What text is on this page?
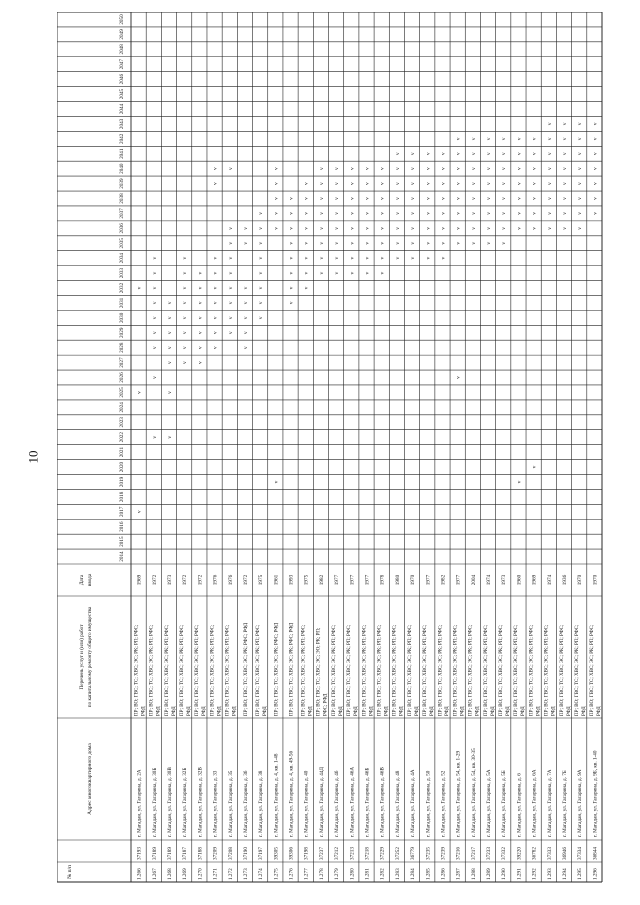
10
№ п/п
Адрес многоквартирного дома
Перечень услуг и (или) работ по капитальному ремонту общего имущества
Дата ввода
2014
2015
2016
2017
2018
2019
2020
2021
2022
2023
2024
2025
2026
2027
2028
2029
2030
2031
2032
2033
2034
2035
2036
2037
2038
2039
2040
2041
2042
2043
2044
2045
2046
2047
2048
2049
2050
1.266
37193
г. Магадан, ул. Гагарина, д. 2А
ПР; ВО; ГВС; ТС; ХВС; ЭС; РК; РП; РФС; РФД
1969
v
v
v
1.267
37189
г. Магадан, ул. Гагарина, д. 30Б
ПР; ВО; ГВС; ТС; ХВС; ЭС; РК; РП; РФС; РФД
1972
v
v
v
v
v
v
v
v
v
1.268
37189
г. Магадан, ул. Гагарина, д. 30В
ПР; ВО; ГВС; ТС; ХВС; ЭС; РК; РП; РФС; РФД
1973
v
v
v
v
v
v
v
1.269
37187
г. Магадан, ул. Гагарина, д. 32Б
ПР; ВО; ГВС; ТС; ХВС; ЭС; РК; РП; РФС; РФД
1972
v
v
v
v
v
v
v
v
1.270
37188
г. Магадан, ул. Гагарина, д. 32В
ПР; ВО; ГВС; ТС; ХВС; ЭС; РК; РП; РФС; РФД
1972
v
v
v
v
v
v
v
1.271
37209
г. Магадан, ул. Гагарина, д. 33
ПР; ВО; ГВС; ТС; ХВС; ЭС; РК; РП; РФС; РФД
1976
v
v
v
v
v
v
v
v
v
1.272
37208
г. Магадан, ул. Гагарина, д. 35
ПР; ВО; ГВС; ТС; ХВС; ЭС; РК; РП; РФС; РФД
1976
v
v
v
v
v
v
v
v
v
1.273
37190
г. Магадан, ул. Гагарина, д. 36
ПР; ВО; ГВС; ТС; ХВС; ЭС; РК; РФС; РФД
1972
v
v
v
v
v
v
v
1.274
37197
г. Магадан, ул. Гагарина, д. 38
ПР; ВО; ГВС; ТС; ХВС; ЭС; РК; РП; РФС; РФД
1975
v
v
v
v
v
v
v
v
1.275
39305
г. Магадан, ул. Гагарина, д. 4, кв. 1-48
ПР; ВО; ГВС; ТС; ХВС; ЭС; РК; РФС; РФД
1961
v
v
v
v
v
v
1.276
39306
г. Магадан, ул. Гагарина, д. 4, кв. 49-56
ПР; ВО; ГВС; ТС; ХВС; ЭС; РК; РФС; РФД
1993
v
v
v
v
v
v
v
v
1.277
37198
г. Магадан, ул. Гагарина, д. 40
ПР; ВО; ГВС; ТС; ХВС; ЭС; РК; РП; РФС; РФД
1975
v
v
v
v
v
v
v
v
1.278
37237
г. Магадан, ул. Гагарина, д. 44Д
ПР; ВО; ГВС; ТС; ХВС; ЭС; ЭО; РК; РП; РФС; РФД
1982
v
v
v
v
v
v
v
v
1.279
37212
г. Магадан, ул. Гагарина, д. 46
ПР; ВО; ГВС; ТС; ХВС; ЭС; РК; РП; РФС; РФД
1977
v
v
v
v
v
v
v
v
1.280
37213
г. Магадан, ул. Гагарина, д. 46А
ПР; ВО; ГВС; ТС; ХВС; ЭС; РК; РП; РФС; РФД
1977
v
v
v
v
v
v
v
v
1.281
37218
г. Магадан, ул. Гагарина, д. 46Б
ПР; ВО; ГВС; ТС; ХВС; ЭС; РК; РП; РФС; РФД
1977
v
v
v
v
v
v
v
v
1.282
37229
г. Магадан, ул. Гагарина, д. 46В
ПР; ВО; ГВС; ТС; ХВС; ЭС; РК; РП; РФС; РФД
1978
v
v
v
v
v
v
v
v
1.283
37252
г. Магадан, ул. Гагарина, д. 48
ПР; ВО; ГВС; ТС; ХВС; ЭС; РК; РП; РФС; РФД
1980
v
v
v
v
v
v
v
v
1.284
36779
г. Магадан, ул. Гагарина, д. 4А
ПР; ВО; ГВС; ТС; ХВС; ЭС; РК; РП; РФС; РФД
1970
v
v
v
v
v
v
v
v
1.285
37235
г. Магадан, ул. Гагарина, д. 50
ПР; ВО; ГВС; ТС; ХВС; ЭС; РК; РП; РФС; РФД
1977
v
v
v
v
v
v
v
v
1.286
37239
г. Магадан, ул. Гагарина, д. 52
ПР; ВО; ГВС; ТС; ХВС; ЭС; РК; РП; РФС; РФД
1982
v
v
v
v
v
v
v
v
1.287
37216
г. Магадан, ул. Гагарина, д. 54, кв. 1-29
ПР; ВО; ГВС; ТС; ХВС; ЭС; РК; РП; РФС; РФД
1977
v
v
v
v
v
v
v
v
v
1.288
37217
г. Магадан, ул. Гагарина, д. 54, кв. 30-35
ПР; ВО; ГВС; ТС; ХВС; ЭС; РК; РП; РФС; РФД
2004
v
v
v
v
v
v
v
v
1.289
37233
г. Магадан, ул. Гагарина, д. 5А
ПР; ВО; ГВС; ТС; ХВС; ЭС; РК; РП; РФС; РФД
1974
v
v
v
v
v
v
v
v
1.290
37332
г. Магадан, ул. Гагарина, д. 5Б
ПР; ВО; ГВС; ТС; ХВС; ЭС; РК; РП; РФС; РФД
1973
v
v
v
v
v
v
v
v
1.291
39220
г. Магадан, ул. Гагарина, д. 6
ПР; ВО; ГВС; ТС; ХВС; ЭС; РК; РП; РФС; РФД
1960
v
v
v
v
v
v
v
v
1.292
36782
г. Магадан, ул. Гагарина, д. 6А
ПР; ВО; ГВС; ТС; ХВС; ЭС; РК; РП; РФС; РФД
1969
v
v
v
v
v
v
v
v
1.293
37333
г. Магадан, ул. Гагарина, д. 7А
ПР; ВО; ГВС; ТС; ХВС; ЭС; РК; РП; РФС; РФД
1974
v
v
v
v
v
v
v
v
1.294
36946
г. Магадан, ул. Гагарина, д. 7Б
ПР; ВО; ГВС; ТС; ХВС; ЭС; РК; РП; РФС; РФД
1936
v
v
v
v
v
v
v
v
1.295
37334
г. Магадан, ул. Гагарина, д. 9А
ПР; ВО; ГВС; ТС; ХВС; ЭС; РК; РП; РФС; РФД
1970
v
v
v
v
v
v
v
v
1.296
36844
г. Магадан, ул. Гагарина, д. 9Б, кв. 1-40
ПР; ВО; ГВС; ТС; ХВС; ЭС; РК; РП; РФС; РФД
1970
v
v
v
v
v
v
v
